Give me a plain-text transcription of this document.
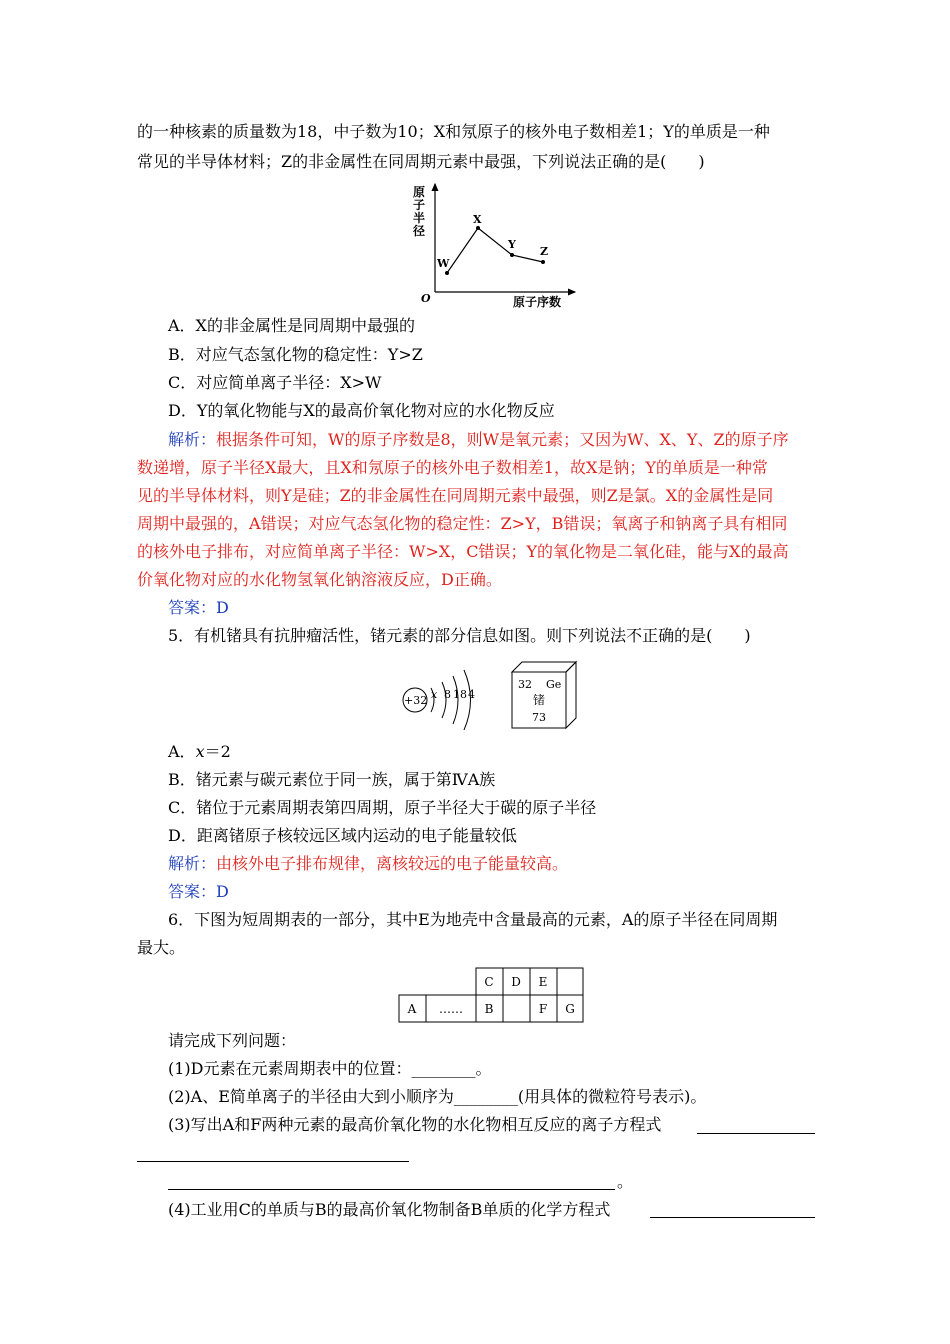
的一种核素的质量数为18，中子数为10；X和氖原子的核外电子数相差1；Y的单质是一种
常见的半导体材料；Z的非金属性在同周期元素中最强，下列说法正确的是(　　)
原
子
半
径
O	原子序数
W
X
Y
Z
A．X的非金属性是同周期中最强的
B．对应气态氢化物的稳定性：Y>Z
C．对应简单离子半径：X>W
D．Y的氧化物能与X的最高价氧化物对应的水化物反应
解析：根据条件可知，W的原子序数是8，则W是氧元素；又因为W、X、Y、Z的原子序
数递增，原子半径X最大，且X和氖原子的核外电子数相差1，故X是钠；Y的单质是一种常
见的半导体材料，则Y是硅；Z的非金属性在同周期元素中最强，则Z是氯。X的金属性是同
周期中最强的，A错误；对应气态氢化物的稳定性：Z>Y，B错误；氧离子和钠离子具有相同
的核外电子排布，对应简单离子半径：W>X，C错误；Y的氧化物是二氧化硅，能与X的最高
价氧化物对应的水化物氢氧化钠溶液反应，D正确。
答案：D
5．有机锗具有抗肿瘤活性，锗元素的部分信息如图。则下列说法不正确的是(　　)
+32 x 8 18 4
32 Ge
锗
73
A．x＝2
B．锗元素与碳元素位于同一族，属于第ⅣA族
C．锗位于元素周期表第四周期，原子半径大于碳的原子半径
D．距离锗原子核较远区域内运动的电子能量较低
解析：由核外电子排布规律，离核较远的电子能量较高。
答案：D
6．下图为短周期表的一部分，其中E为地壳中含量最高的元素，A的原子半径在同周期
最大。
C D E
A …… B	F G
请完成下列问题：
(1)D元素在元素周期表中的位置：________。
(2)A、E简单离子的半径由大到小顺序为________(用具体的微粒符号表示)。
(3)写出A和F两种元素的最高价氧化物的水化物相互反应的离子方程式
。
(4)工业用C的单质与B的最高价氧化物制备B单质的化学方程式
